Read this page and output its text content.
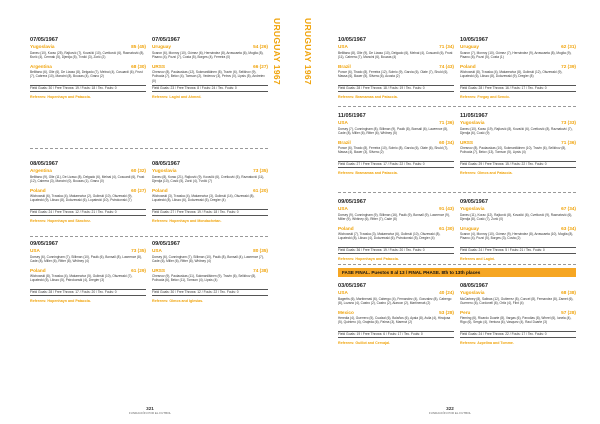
URUGUAY 1967
321
FUNDACIÓN POR EL FUTBOL
URUGUAY 1967
322
FUNDACIÓN POR EL FUTBOL
FASE FINAL. Puestos 8 al 13 / FINAL PHASE. 8th to 13th places
07/05/1967
Yugoslavia	85 (45)
Daneu (10), Korac (25), Rajković (7), Kovačić (10), Cvetković (6), Raznatović (8), Đurić (4), Cermak (5), Djerdja (5), Tvrdić (3), Zorić (2)
Argentina	68 (30)
Bellitano (6), Olle (6), De Lizaso (8), Delgado (7), Melnai (4), Cosuardi (6), Frust (7), Cabrera (10), Mancini (8), Bouzas (4), Grano (2)
Field Goals: 30 / Free Throws: 19 / Fouls: 18 / Tec. Fouls: 0
Referees: Hopenhayn and Pataccia.
07/05/1967
Uruguay	54 (26)
Scaron (6), Monroy (10), Gómez (6), Hernández (8), Arrascaeta (6), Moglia (8), Pisano (4), Pozzi (7), Costa (5), Borges (4), Ferreira (0)
URSS	66 (27)
Chesnov (8), Paulauskas (12), Sukmaniläinen (8), Travin (6), Selikhov (9), Polivoda (7), Belov (4), Tomson (2), Vedenov (3), Petrov (0), Lipsis (5), Andreiev (0)
Field Goals: 23 / Free Throws: 8 / Fouls: 24 / Tec. Fouls: 0
Referees: Lagini and Ahmed.
08/05/1967
Argentina	60 (32)
Bellitano (9), Olle (11), De Lizaso (8), Delgado (6), Melnai (4), Cosuardi (6), Frust (12), Cabrera (3), Mancini (0), Bouzas (1), Grano (0)
Poland	60 (27)
Wichowski (6), Trzaska (4), Makarewicz (2), Gulinski (10), Olszewski (9), Lopatecki (9), Likszo (8), Dolczewski (6), Lopatecki (10), Pstrokonski (7)
Field Goals: 24 / Free Throws: 12 / Fouls: 21 / Tec. Fouls: 0
Referees: Hopenhayn and Sánchez.
08/05/1967
Yugoslavia	73 (35)
Daneu (8), Korac (21), Rajković (9), Kovačić (6), Cvetković (5), Raznatović (11), Djerdja (10), Cosić (5), Zorić (4), Tvrdić (7)
Poland	61 (20)
Wichowski (3), Trzaska (4), Makarewicz (3), Gulinski (14), Olszewski (8), Lopatecki (8), Likszo (6), Dolczewski (5), Dregier (4)
Field Goals: 27 / Free Throws: 19 / Fouls: 18 / Tec. Fouls: 0
Referees: Hopenhayn and Mondachetan.
09/05/1967
USA	73 (35)
Dorsey (6), Cunningham (7), Silliman (10), Paulk (6), Bonsall (8), Lawrence (8), Cade (8), Miller (6), Ritter (8), Whitney (4)
Poland	61 (29)
Wichowski (8), Trzaska (4), Makarewicz (5), Gulinski (10), Olszewski (7), Lopatecki (5), Likszo (5), Pstrokonski (4), Dregier (3)
Field Goals: 28 / Free Throws: 17 / Fouls: 20 / Tec. Fouls: 0
Referees: Hopenhayn and Pataccia.
09/05/1967
USA	80 (35)
Dorsey (6), Cunningham (7), Silliman (10), Paulk (8), Bonsall (4), Lawrence (7), Cade (6), Miller (6), Ritter (8), Whitney (4)
URSS	74 (38)
Chesnov (9), Paulauskas (11), Sukmaniläinen (9), Travin (6), Selikhov (8), Polivoda (6), Belov (11), Tomson (4), Lipsis (4)
Field Goals: 30 / Free Throws: 12 / Fouls: 22 / Tec. Fouls: 0
Referees: Olmos and Iglesias.
09/05/1967
USA	91 (43)
Dorsey (9), Cunningham (9), Silliman (16), Paulk (9), Bonsall (9), Lawrence (9), Miller (9), Whitney (6), Ritter (7), Cade (8)
Poland	61 (30)
Wichowski (7), Trzaska (3), Makarewicz (6), Gulinski (10), Olszewski (8), Lopatecki (8), Likszo (4), Dolczewski (6), Pstrokonski (5), Dregier (4)
Field Goals: 36 / Free Throws: 19 / Fouls: 20 / Tec. Fouls: 0
Referees: Hopenhayn and Pataccia.
09/05/1967
Yugoslavia	67 (34)
Daneu (11), Korac (12), Rajković (8), Kovačić (6), Cvetković (9), Raznatović (6), Djerdja (8), Cosić (7), Zorić (0)
Uruguay	63 (34)
Scaron (4), Monroy (10), Gómez (9), Hernández (8), Arrascaeta (10), Moglia (8), Pisano (4), Pozzi (5), Borges (3), Costa (2)
Field Goals: 24 / Free Throws: 5 / Fouls: 21 / Tec. Fouls: 0
Referees and Lagini.
10/05/1967
USA	71 (34)
Bellitano (8), Olle (9), De Lizaso (10), Delgado (6), Melnai (4), Cosuardi (6), Frust (11), Cabrera (7), Mancini (6), Bouzas (4)
Brazil	74 (43)
Ponce (6), Tirado (8), Ferreira (12), Sobrio (9), Garcia (6), Olate (7), Shuld (6), Massa (6), Bauer (5), Silvera (6), Acosta (2)
Field Goals: 28 / Free Throws: 18 / Fouls: 19 / Tec. Fouls: 0
Referees: Bramamas and Pataccia.
10/05/1967
Uruguay	62 (31)
Scaron (7), Monroy (10), Gómez (7), Hernández (9), Arrascaeta (8), Moglia (9), Pisano (6), Pozzi (5), Costa (1)
Poland	72 (39)
Wichowski (8), Trzaska (4), Makarewicz (8), Gulinski (12), Olszewski (9), Lopatecki (6), Likszo (8), Dolczewski (9), Dregier (8)
Field Goals: 28 / Free Throws: 16 / Fouls: 17 / Tec. Fouls: 0
Referees: Fregay and Sencic.
11/05/1967
USA	71 (36)
Dorsey (7), Cunningham (8), Silliman (9), Paulk (8), Bonsall (6), Lawrence (8), Cade (8), Miller (6), Ritter (6), Whitney (5)
Brazil	60 (34)
Ponce (6), Tirado (8), Ferreira (10), Sobrio (8), Garcia (6), Olate (6), Shuld (7), Massa (4), Bauer (3), Silvera (2)
Field Goals: 27 / Free Throws: 17 / Fouls: 22 / Tec. Fouls: 0
Referees: Bramamas and Pataccia.
11/05/1967
Yugoslavia	73 (33)
Daneu (10), Korac (19), Rajković (8), Kovačić (6), Cvetković (8), Raznatović (7), Djerdja (6), Cosić (9)
URSS	71 (36)
Chesnov (8), Paulauskas (10), Sukmaniläinen (10), Travin (6), Selikhov (8), Polivoda (7), Belov (13), Tomson (5), Lipsis (4)
Field Goals: 29 / Free Throws: 15 / Fouls: 22 / Tec. Fouls: 0
Referees: Olmos and Pataccia.
03/05/1967
USA	40 (24)
Bagerits (6), Martinenaš (6), Cabergo (4), Fernandez (4), Gonzalez (8), Cabergo (8), Lozano (4), Castro (2), Castro (2), Alarcon (2), Martinenaš (2)
Mexico	53 (28)
Heredia (4), Guerrero (5), Cualzal (6), Bolaños (6), Ayala (8), Avila (4), Hinojosa (5), Quintero (4), Grajeda (6), Palma (3), Marenzi (2)
Field Goals: 19 / Free Throws: 6 / Fouls: 17 / Tec. Fouls: 0
Referees: Guillot and Cervajal.
08/05/1967
Yugoslavia	68 (38)
McCartney (8), Salinas (12), Gutierrez (8), Concel (8), Fernandez (8), Zamet (6), Guerrero (6), Cordonell (6), Ortiz (4), Flint (4)
Peru	57 (28)
Fleming (6), Ricardo Duarte (8), Vargas (6), Parodias (8), Wheel (6), Iunela (4), Rigo (6), Sergio (4), Ventura (6), Vasquez (4), Raul Duarte (3)
Field Goals: 24 / Free Throws: 22 / Fouls: 17 / Tec. Fouls: 0
Referees: Azpelina and Tomme.
